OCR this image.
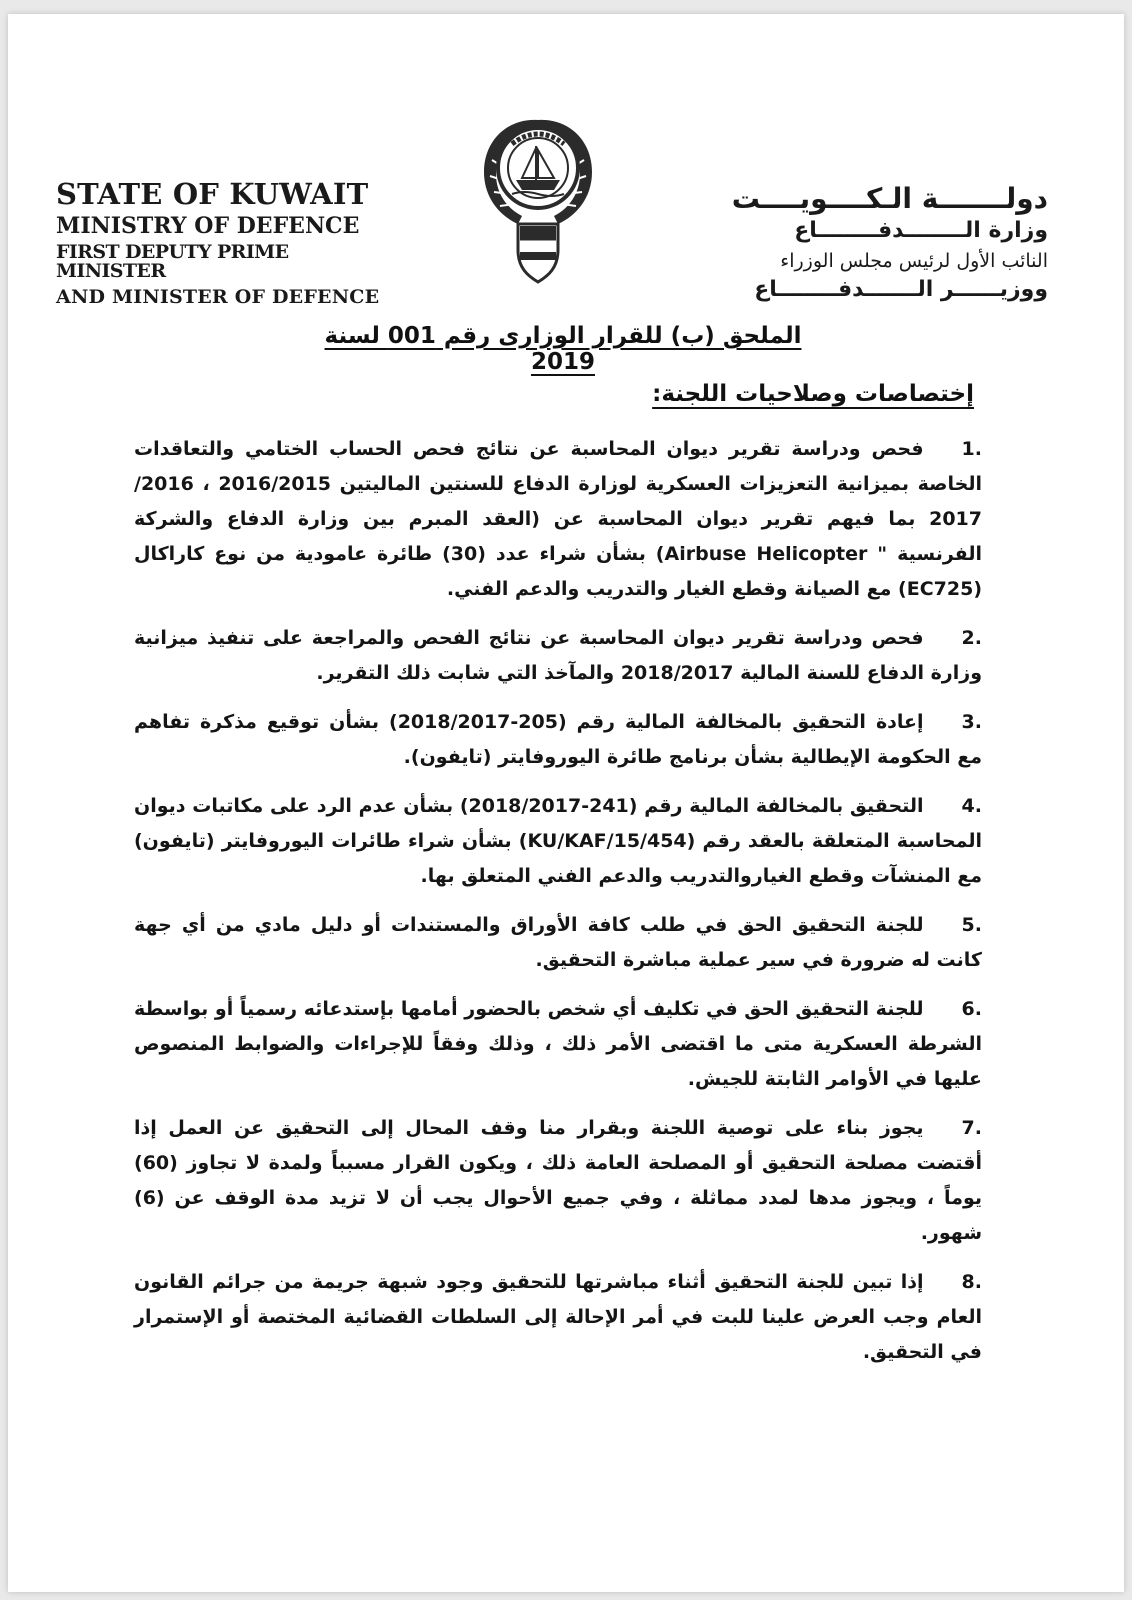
STATE OF KUWAIT
MINISTRY OF DEFENCE
FIRST DEPUTY PRIME MINISTER
AND MINISTER OF DEFENCE
دولـــــــة الـكــــويــــت
وزارة الــــــــدفــــــــاع
النائب الأول لرئيس مجلس الوزراء
ووزيــــــر الـــــــدفــــــــاع
الملحق (ب) للقرار الوزارى رقم 001 لسنة 2019
إختصاصات وصلاحيات اللجنة:
1.فحص ودراسة تقرير ديوان المحاسبة عن نتائج فحص الحساب الختامي والتعاقدات الخاصة بميزانية التعزيزات العسكرية لوزارة الدفاع للسنتين الماليتين 2016/2015 ، 2016/ 2017 بما فيهم تقرير ديوان المحاسبة عن (العقد المبرم بين وزارة الدفاع والشركة الفرنسية " Airbuse Helicopter) بشأن شراء عدد (30) طائرة عامودية من نوع كاراكال (EC725) مع الصيانة وقطع الغيار والتدريب والدعم الفني.
2.فحص ودراسة تقرير ديوان المحاسبة عن نتائج الفحص والمراجعة على تنفيذ ميزانية وزارة الدفاع للسنة المالية 2018/2017 والمآخذ التي شابت ذلك التقرير.
3.إعادة التحقيق بالمخالفة المالية رقم (205-2018/2017) بشأن توقيع مذكرة تفاهم مع الحكومة الإيطالية بشأن برنامج طائرة اليوروفايتر (تايفون).
4.التحقيق بالمخالفة المالية رقم (241-2018/2017) بشأن عدم الرد على مكاتبات ديوان المحاسبة المتعلقة بالعقد رقم (KU/KAF/15/454) بشأن شراء طائرات اليوروفايتر (تايفون) مع المنشآت وقطع الغياروالتدريب والدعم الفني المتعلق بها.
5.للجنة التحقيق الحق في طلب كافة الأوراق والمستندات أو دليل مادي من أي جهة كانت له ضرورة في سير عملية مباشرة التحقيق.
6.للجنة التحقيق الحق في تكليف أي شخص بالحضور أمامها بإستدعائه رسمياً أو بواسطة الشرطة العسكرية متى ما اقتضى الأمر ذلك ، وذلك وفقاً للإجراءات والضوابط المنصوص عليها في الأوامر الثابتة للجيش.
7.يجوز بناء على توصية اللجنة وبقرار منا وقف المحال إلى التحقيق عن العمل إذا أقتضت مصلحة التحقيق أو المصلحة العامة ذلك ، ويكون القرار مسبباً ولمدة لا تجاوز (60) يوماً ، ويجوز مدها لمدد مماثلة ، وفي جميع الأحوال يجب أن لا تزيد مدة الوقف عن (6) شهور.
8.إذا تبين للجنة التحقيق أثناء مباشرتها للتحقيق وجود شبهة جريمة من جرائم القانون العام وجب العرض علينا للبت في أمر الإحالة إلى السلطات القضائية المختصة أو الإستمرار في التحقيق.
